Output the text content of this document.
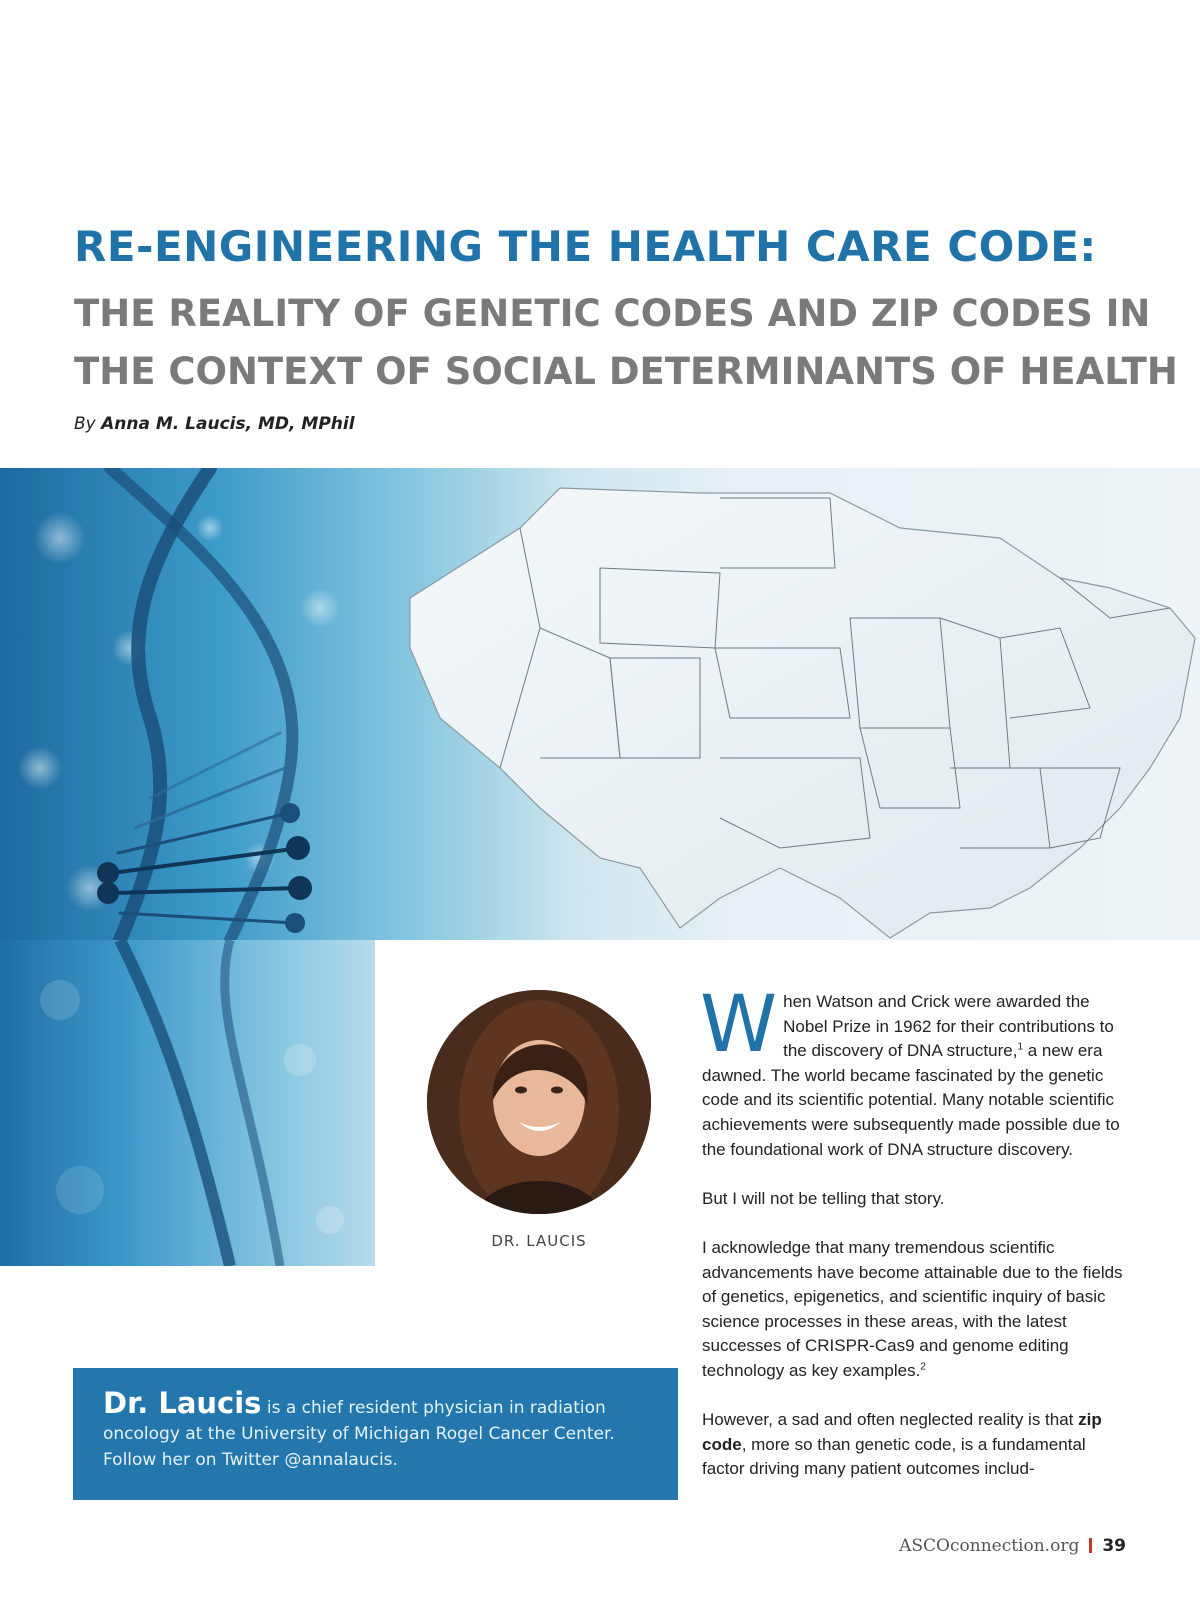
RE-ENGINEERING THE HEALTH CARE CODE:
THE REALITY OF GENETIC CODES AND ZIP CODES IN
THE CONTEXT OF SOCIAL DETERMINANTS OF HEALTH
By Anna M. Laucis, MD, MPhil
DR. LAUCIS

When Watson and Crick were awarded the Nobel Prize in 1962 for their contributions to the discovery of DNA structure,$^1$ a new era dawned. The world became fascinated by the genetic code and its scientific potential. Many notable scientific achievements were subsequently made possible due to the foundational work of DNA structure discovery.

But I will not be telling that story.

I acknowledge that many tremendous scientific advancements have become attainable due to the fields of genetics, epigenetics, and scientific inquiry of basic science processes in these areas, with the latest successes of CRISPR-Cas9 and genome editing technology as key examples.$^2$

However, a sad and often neglected reality is that zip code, more so than genetic code, is a fundamental factor driving many patient outcomes includ-

Dr. Laucis is a chief resident physician in radiation oncology at the University of Michigan Rogel Cancer Center. Follow her on Twitter @annalaucis.
ASCOconnection.org 39
